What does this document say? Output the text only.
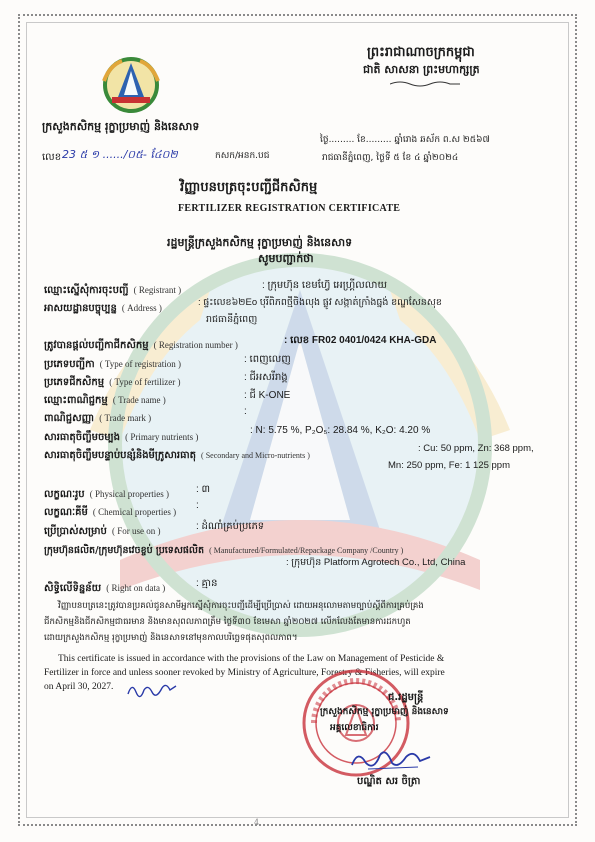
ព្រះរាជាណាចក្រកម្ពុជា
ជាតិ សាសនា ព្រះមហាក្សត្រ
ក្រសួងកសិកម្ម រុក្ខាប្រមាញ់ និងនេសាទ
លេខ 23 ៥ ១ ....../០៥- ៤ែ០២	កសក/អនក.បជ
ថ្ងៃ......... ខែ......... ឆ្នាំរោង ឆស័ក ព.ស ២៥៦៧
រាជធានីភ្នំពេញ, ថ្ងៃទី ៥ ខែ ៤ ឆ្នាំ២០២៤
វិញ្ញាបនបត្រចុះបញ្ជីជីកសិកម្ម
FERTILIZER REGISTRATION CERTIFICATE
រដ្ឋមន្ត្រីក្រសួងកសិកម្ម រុក្ខាប្រមាញ់ និងនេសាទ
សូមបញ្ជាក់ថា
ឈ្មោះស្នើសុំការចុះបញ្ជី ( Registrant )	: ក្រុមហ៊ុន ខេមហ្វ៊ែ អេហ្គ្រីលលាយ
អាសយដ្ឋានបច្ចុប្បន្ន ( Address )	: ផ្ទះលេខ៦២Eo បុរីពិភពថ្មីចិងលុង ផ្លូវ សង្កាត់ក្រាំងធ្នង់ ខណ្ឌសែនសុខ
រាជធានីភ្នំពេញ
ត្រូវបានផ្តល់បញ្ជីកាជីកសិកម្ម ( Registration number )	: លេខ FR02 0401/0424 KHA-GDA
ប្រភេទបញ្ជីកា ( Type of registration )	: ពេញលេញ
ប្រភេទជីកសិកម្ម ( Type of fertilizer )	: ជីអសរីរាង្គ
ឈ្មោះពាណិជ្ជកម្ម ( Trade name )	: ជី K-ONE
ពាណិជ្ជសញ្ញា ( Trade mark )
:
សារធាតុចិញ្ចឹមចម្បង ( Primary nutrients )
: N: 5.75 %, P₂O₅: 28.84 %, K₂O: 4.20 %
សារធាតុចិញ្ចឹមបន្ទាប់បន្សំនិងមីក្រូសារធាតុ ( Secondary and Micro-nutrients )
: Cu: 50 ppm, Zn: 368 ppm,
Mn: 250 ppm, Fe: 1 125 ppm
លក្ខណៈរូប ( Physical properties )	: ៣
លក្ខណៈគីមី ( Chemical properties )
:
ប្រើប្រាស់សម្រាប់ ( For use on )	: ដំណាំគ្រប់ប្រភេទ
ក្រុមហ៊ុនផលិត/ក្រុមហ៊ុនវេចខ្ចប់ ប្រទេសផលិត ( Manufactured/Formulated/Repackage Company /Country )
: ក្រុមហ៊ុន Platform Agrotech Co., Ltd, China
សិទ្ធិលើទិន្នន័យ ( Right on data )	: គ្មាន
វិញ្ញាបនបត្រនេះត្រូវបានប្រគល់ជូនសាមីអ្នកស្នើសុំការចុះបញ្ជីដើម្បីប្រើប្រាស់ ដោយអនុលោមតាមច្បាប់ស្តីពីការគ្រប់គ្រង
ជីកសិកម្មនិងជីកសិកម្មជាធរមាន និងមានសុពលភាពត្រឹម ថ្ងៃទី៣០ ខែមេសា ឆ្នាំ២០២៧ លើកលែងតែមានការដកហូត
ដោយក្រសួងកសិកម្ម រុក្ខាប្រមាញ់ និងនេសាទនៅមុនកាលបរិច្ឆេទផុតសុពលភាព។
This certificate is issued in accordance with the provisions of the Law on Management of Pesticide &
Fertilizer in force and unless sooner revoked by Ministry of Agriculture, Forestry & Fisheries, will expire
on April 30, 2027.
ជ.រដ្ឋមន្ត្រី
ក្រសួងកសិកម្ម រុក្ខាប្រមាញ់ និងនេសាទ
អគ្គលេខាធិការ
បណ្ឌិត សរ ចិត្រា
4
